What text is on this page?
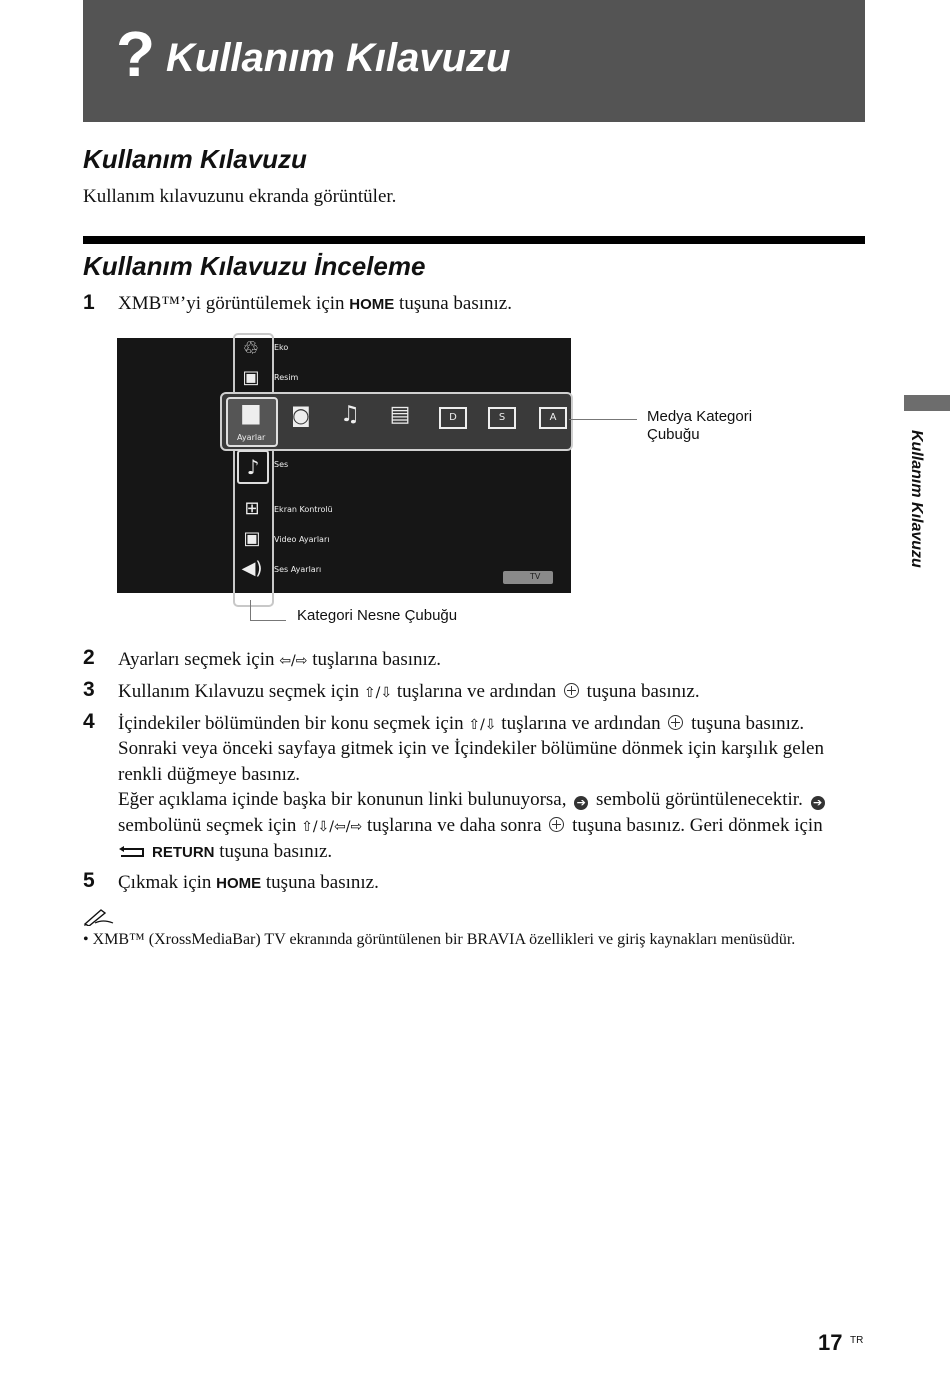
? Kullanım Kılavuzu
Kullanım Kılavuzu
Kullanım kılavuzunu ekranda görüntüler.
Kullanım Kılavuzu İnceleme
1 XMB™’yi görüntülemek için HOME tuşuna basınız.
♲	Eko
▣	Resim
▆
Ayarlar
◙ ♫ ▤	D	S	A
♪	Ses
⊞	Ekran Kontrolü
▣	Video Ayarları
◀) Ses Ayarları
TV
Medya Kategori
Çubuğu
Kategori Nesne Çubuğu
2 Ayarları seçmek için ⇦/⇨ tuşlarına basınız.
3 Kullanım Kılavuzu seçmek için ⇧/⇩ tuşlarına ve ardından  tuşuna basınız.
4 İçindekiler bölümünden bir konu seçmek için ⇧/⇩ tuşlarına ve ardından  tuşuna basınız.
Sonraki veya önceki sayfaya gitmek için ve İçindekiler bölümüne dönmek için karşılık gelen
renkli düğmeye basınız.
Eğer açıklama içinde başka bir konunun linki bulunuyorsa, ➔ sembolü görüntülenecektir. ➔
sembolünü seçmek için ⇧/⇩/⇦/⇨ tuşlarına ve daha sonra  tuşuna basınız. Geri dönmek için
RETURN tuşuna basınız.
5 Çıkmak için HOME tuşuna basınız.
• XMB™ (XrossMediaBar) TV ekranında görüntülenen bir BRAVIA özellikleri ve giriş kaynakları menüsüdür.
Kullanım Kılavuzu
17 TR
